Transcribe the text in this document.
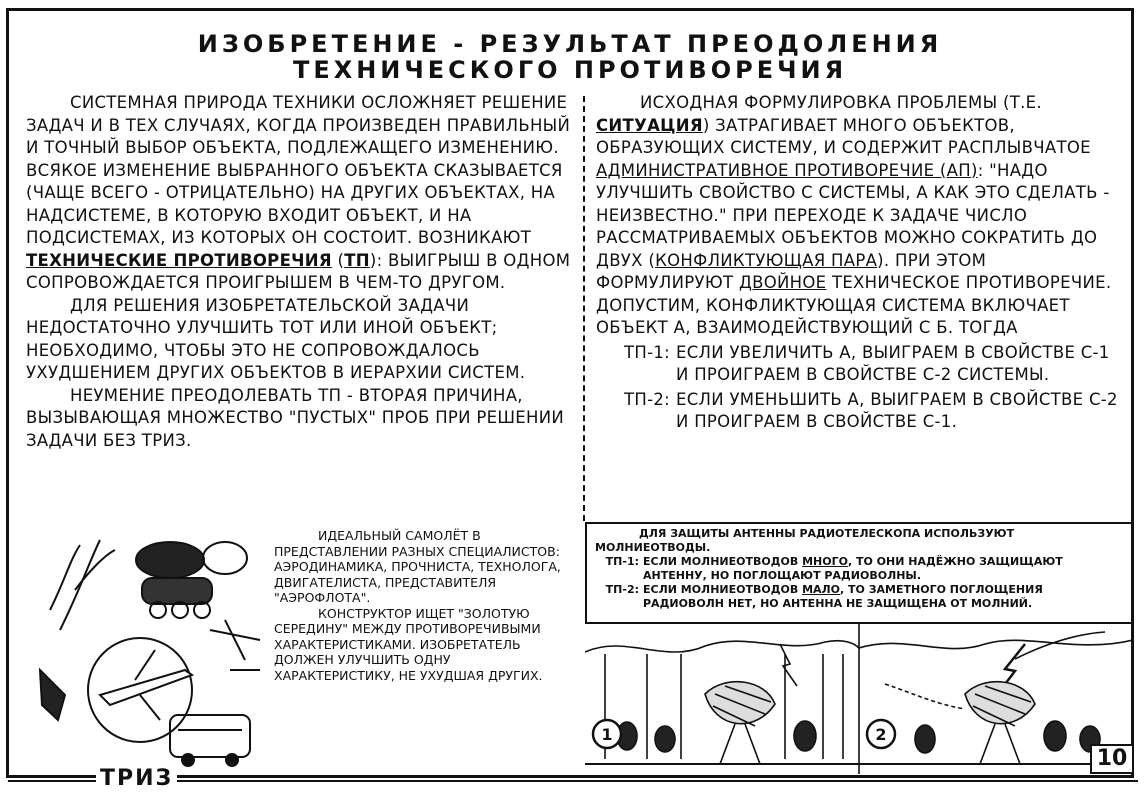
ИЗОБРЕТЕНИЕ - РЕЗУЛЬТАТ ПРЕОДОЛЕНИЯ
ТЕХНИЧЕСКОГО ПРОТИВОРЕЧИЯ

СИСТЕМНАЯ ПРИРОДА ТЕХНИКИ ОСЛОЖНЯЕТ РЕШЕНИЕ ЗАДАЧ И В ТЕХ СЛУЧАЯХ, КОГДА ПРОИЗВЕДЕН ПРАВИЛЬНЫЙ И ТОЧНЫЙ ВЫБОР ОБЪЕКТА, ПОДЛЕЖАЩЕГО ИЗМЕНЕНИЮ. ВСЯКОЕ ИЗМЕНЕНИЕ ВЫБРАННОГО ОБЪЕКТА СКАЗЫВАЕТСЯ (ЧАЩЕ ВСЕГО - ОТРИЦАТЕЛЬНО) НА ДРУГИХ ОБЪЕКТАХ, НА НАДСИСТЕМЕ, В КОТОРУЮ ВХОДИТ ОБЪЕКТ, И НА ПОДСИСТЕМАХ, ИЗ КОТОРЫХ ОН СОСТОИТ. ВОЗНИКАЮТ ТЕХНИЧЕСКИЕ ПРОТИВОРЕЧИЯ (ТП): ВЫИГРЫШ В ОДНОМ СОПРОВОЖДАЕТСЯ ПРОИГРЫШЕМ В ЧЕМ-ТО ДРУГОМ.

ДЛЯ РЕШЕНИЯ ИЗОБРЕТАТЕЛЬСКОЙ ЗАДАЧИ НЕДОСТАТОЧНО УЛУЧШИТЬ ТОТ ИЛИ ИНОЙ ОБЪЕКТ; НЕОБХОДИМО, ЧТОБЫ ЭТО НЕ СОПРОВОЖДАЛОСЬ УХУДШЕНИЕМ ДРУГИХ ОБЪЕКТОВ В ИЕРАРХИИ СИСТЕМ.

НЕУМЕНИЕ ПРЕОДОЛЕВАТЬ ТП - ВТОРАЯ ПРИЧИНА, ВЫЗЫВАЮЩАЯ МНОЖЕСТВО "ПУСТЫХ" ПРОБ ПРИ РЕШЕНИИ ЗАДАЧИ БЕЗ ТРИЗ.

ИСХОДНАЯ ФОРМУЛИРОВКА ПРОБЛЕМЫ (Т.Е. СИТУАЦИЯ) ЗАТРАГИВАЕТ МНОГО ОБЪЕКТОВ, ОБРАЗУЮЩИХ СИСТЕМУ, И СОДЕРЖИТ РАСПЛЫВЧАТОЕ АДМИНИСТРАТИВНОЕ ПРОТИВОРЕЧИЕ (АП): "НАДО УЛУЧШИТЬ СВОЙСТВО С СИСТЕМЫ, А КАК ЭТО СДЕЛАТЬ - НЕИЗВЕСТНО." ПРИ ПЕРЕХОДЕ К ЗАДАЧЕ ЧИСЛО РАССМАТРИВАЕМЫХ ОБЪЕКТОВ МОЖНО СОКРАТИТЬ ДО ДВУХ (КОНФЛИКТУЮЩАЯ ПАРА). ПРИ ЭТОМ ФОРМУЛИРУЮТ ДВОЙНОЕ ТЕХНИЧЕСКОЕ ПРОТИВОРЕЧИЕ. ДОПУСТИМ, КОНФЛИКТУЮЩАЯ СИСТЕМА ВКЛЮЧАЕТ ОБЪЕКТ А, ВЗАИМОДЕЙСТВУЮЩИЙ С Б. ТОГДА

ТП-1: ЕСЛИ УВЕЛИЧИТЬ А, ВЫИГРАЕМ В СВОЙСТВЕ С-1 И ПРОИГРАЕМ В СВОЙСТВЕ С-2 СИСТЕМЫ.
ТП-2: ЕСЛИ УМЕНЬШИТЬ А, ВЫИГРАЕМ В СВОЙСТВЕ С-2 И ПРОИГРАЕМ В СВОЙСТВЕ С-1.

ИДЕАЛЬНЫЙ САМОЛЁТ В ПРЕДСТАВЛЕНИИ РАЗНЫХ СПЕЦИАЛИСТОВ: АЭРОДИНАМИКА, ПРОЧНИСТА, ТЕХНОЛОГА, ДВИГАТЕЛИСТА, ПРЕДСТАВИТЕЛЯ "АЭРОФЛОТА".

КОНСТРУКТОР ИЩЕТ "ЗОЛОТУЮ СЕРЕДИНУ" МЕЖДУ ПРОТИВОРЕЧИВЫМИ ХАРАКТЕРИСТИКАМИ. ИЗОБРЕТАТЕЛЬ ДОЛЖЕН УЛУЧШИТЬ ОДНУ ХАРАКТЕРИСТИКУ, НЕ УХУДШАЯ ДРУГИХ.

ДЛЯ ЗАЩИТЫ АНТЕННЫ РАДИОТЕЛЕСКОПА ИСПОЛЬЗУЮТ МОЛНИЕОТВОДЫ.

ТП-1: ЕСЛИ МОЛНИЕОТВОДОВ МНОГО, ТО ОНИ НАДЁЖНО ЗАЩИЩАЮТ АНТЕННУ, НО ПОГЛОЩАЮТ РАДИОВОЛНЫ.
ТП-2: ЕСЛИ МОЛНИЕОТВОДОВ МАЛО, ТО ЗАМЕТНОГО ПОГЛОЩЕНИЯ РАДИОВОЛН НЕТ, НО АНТЕННА НЕ ЗАЩИЩЕНА ОТ МОЛНИЙ.
1	2
10
ТРИЗ
